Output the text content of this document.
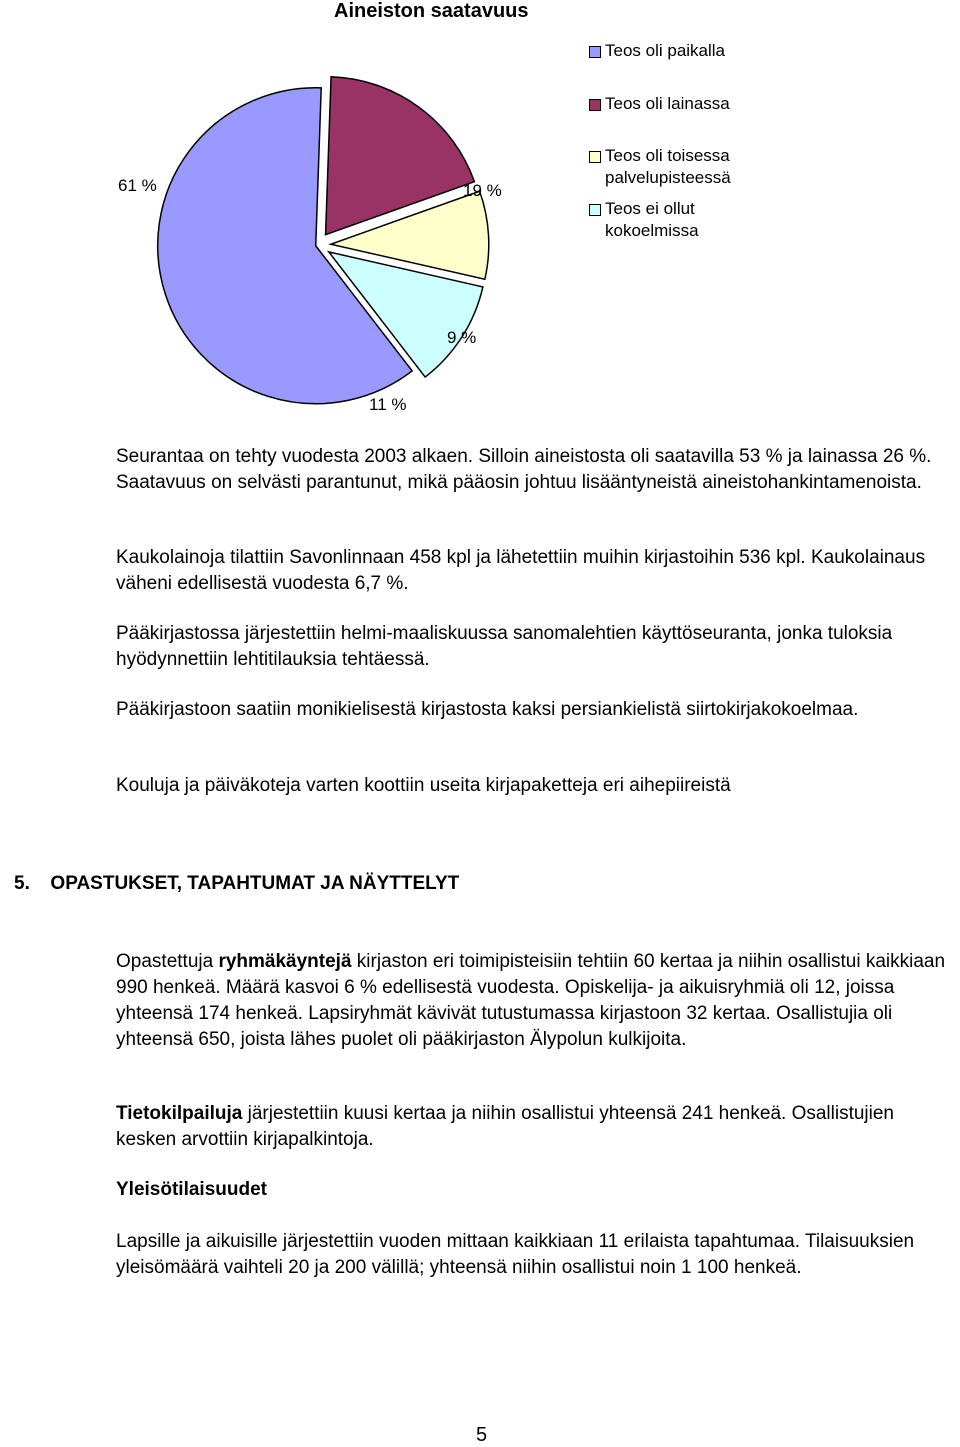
Aineiston saatavuus
61 %	19 %
9 %
11 %
Teos oli paikalla
Teos oli lainassa
Teos oli toisessa palvelupisteessä
Teos ei ollut kokoelmissa

Seurantaa on tehty vuodesta 2003 alkaen. Silloin aineistosta oli saatavilla 53 % ja lainassa 26 %. Saatavuus on selvästi parantunut, mikä pääosin johtuu lisääntyneistä aineistohankintamenoista.

Kaukolainoja tilattiin Savonlinnaan 458 kpl ja lähetettiin muihin kirjastoihin 536 kpl. Kaukolainaus väheni edellisestä vuodesta 6,7 %.

Pääkirjastossa järjestettiin helmi-maaliskuussa sanomalehtien käyttöseuranta, jonka tuloksia hyödynnettiin lehtitilauksia tehtäessä.

Pääkirjastoon saatiin monikielisestä kirjastosta kaksi persiankielistä siirtokirjakokoelmaa.

Kouluja ja päiväkoteja varten koottiin useita kirjapaketteja eri aihepiireistä

5. OPASTUKSET, TAPAHTUMAT JA NÄYTTELYT

Opastettuja ryhmäkäyntejä kirjaston eri toimipisteisiin tehtiin 60 kertaa ja niihin osallistui kaikkiaan 990 henkeä. Määrä kasvoi 6 % edellisestä vuodesta. Opiskelija- ja aikuisryhmiä oli 12, joissa yhteensä 174 henkeä. Lapsiryhmät kävivät tutustumassa kirjastoon 32 kertaa. Osallistujia oli yhteensä 650, joista lähes puolet oli pääkirjaston Älypolun kulkijoita.

Tietokilpailuja järjestettiin kuusi kertaa ja niihin osallistui yhteensä 241 henkeä. Osallistujien kesken arvottiin kirjapalkintoja.

Yleisötilaisuudet

Lapsille ja aikuisille järjestettiin vuoden mittaan kaikkiaan 11 erilaista tapahtumaa. Tilaisuuksien yleisömäärä vaihteli 20 ja 200 välillä; yhteensä niihin osallistui noin 1 100 henkeä.

5
